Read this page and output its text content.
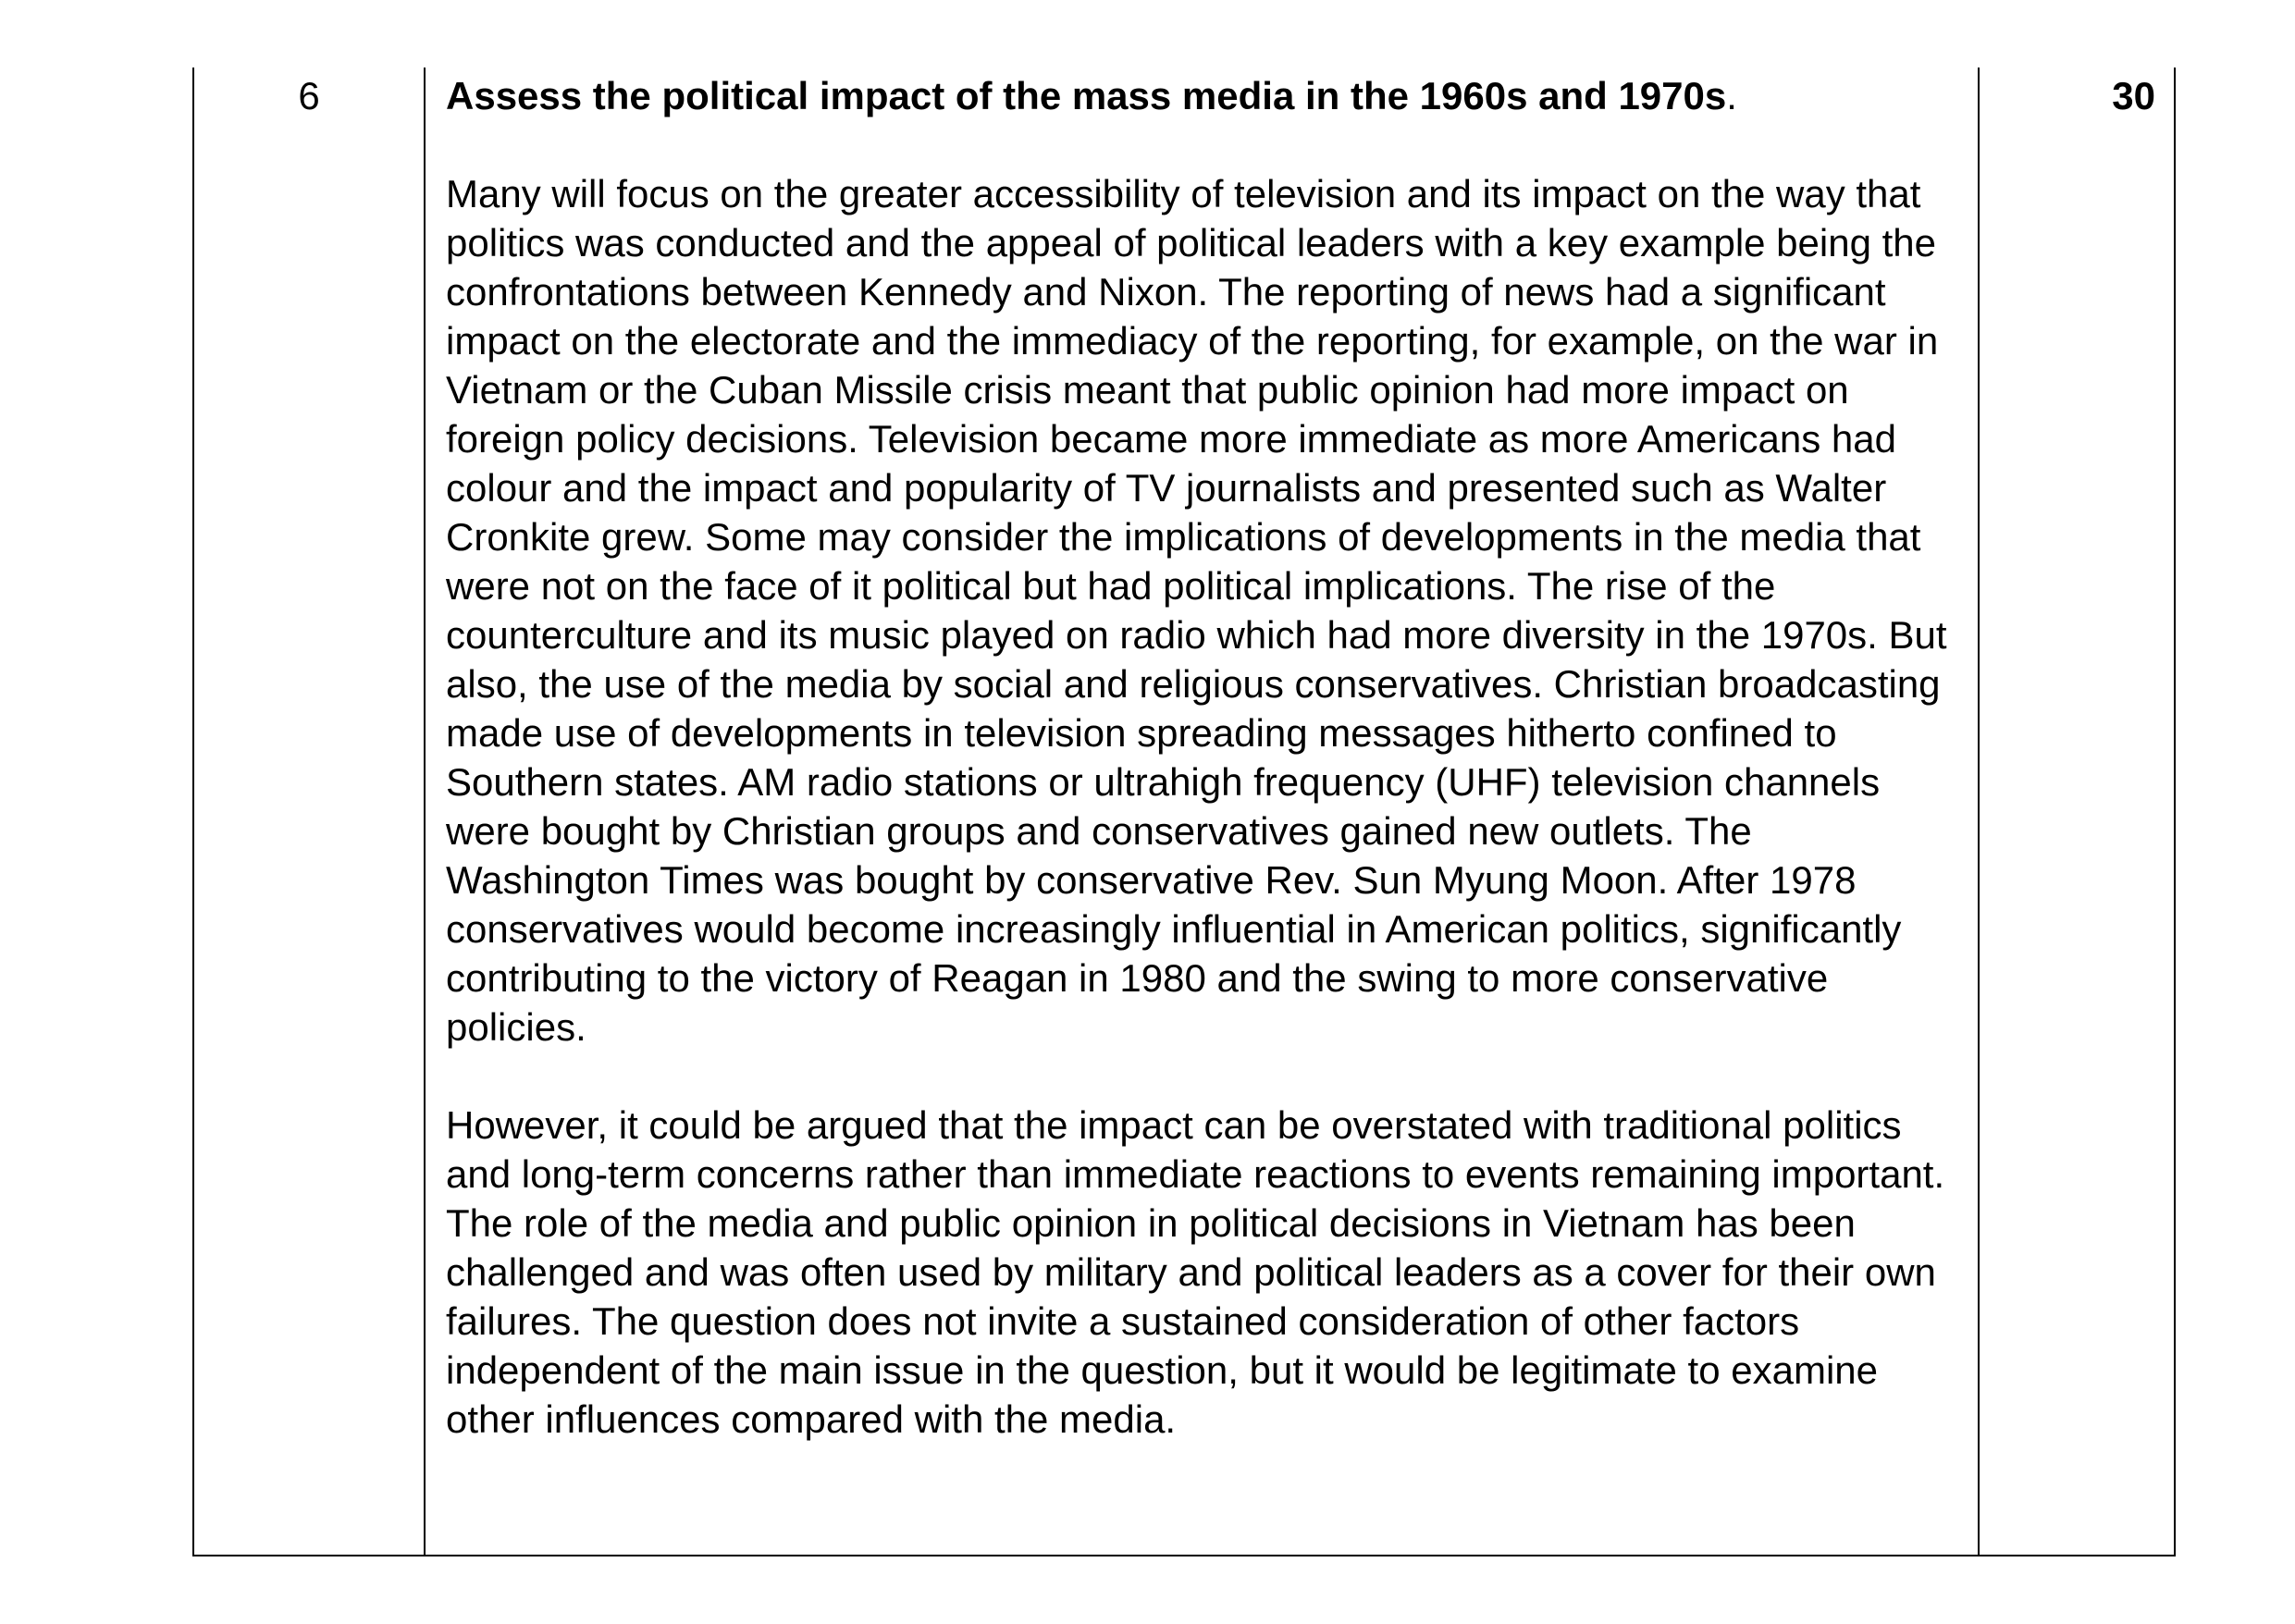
6	Assess the political impact of the mass media in the 1960s and 1970s.

Many will focus on the greater accessibility of television and its impact on the way that politics was conducted and the appeal of political leaders with a key example being the confrontations between Kennedy and Nixon. The reporting of news had a significant impact on the electorate and the immediacy of the reporting, for example, on the war in Vietnam or the Cuban Missile crisis meant that public opinion had more impact on foreign policy decisions. Television became more immediate as more Americans had colour and the impact and popularity of TV journalists and presented such as Walter Cronkite grew. Some may consider the implications of developments in the media that were not on the face of it political but had political implications. The rise of the counterculture and its music played on radio which had more diversity in the 1970s. But also, the use of the media by social and religious conservatives. Christian broadcasting made use of developments in television spreading messages hitherto confined to Southern states. AM radio stations or ultrahigh frequency (UHF) television channels were bought by Christian groups and conservatives gained new outlets. The Washington Times was bought by conservative Rev. Sun Myung Moon. After 1978 conservatives would become increasingly influential in American politics, significantly contributing to the victory of Reagan in 1980 and the swing to more conservative policies.

However, it could be argued that the impact can be overstated with traditional politics and long-term concerns rather than immediate reactions to events remaining important. The role of the media and public opinion in political decisions in Vietnam has been challenged and was often used by military and political leaders as a cover for their own failures. The question does not invite a sustained consideration of other factors independent of the main issue in the question, but it would be legitimate to examine other influences compared with the media.

	30
